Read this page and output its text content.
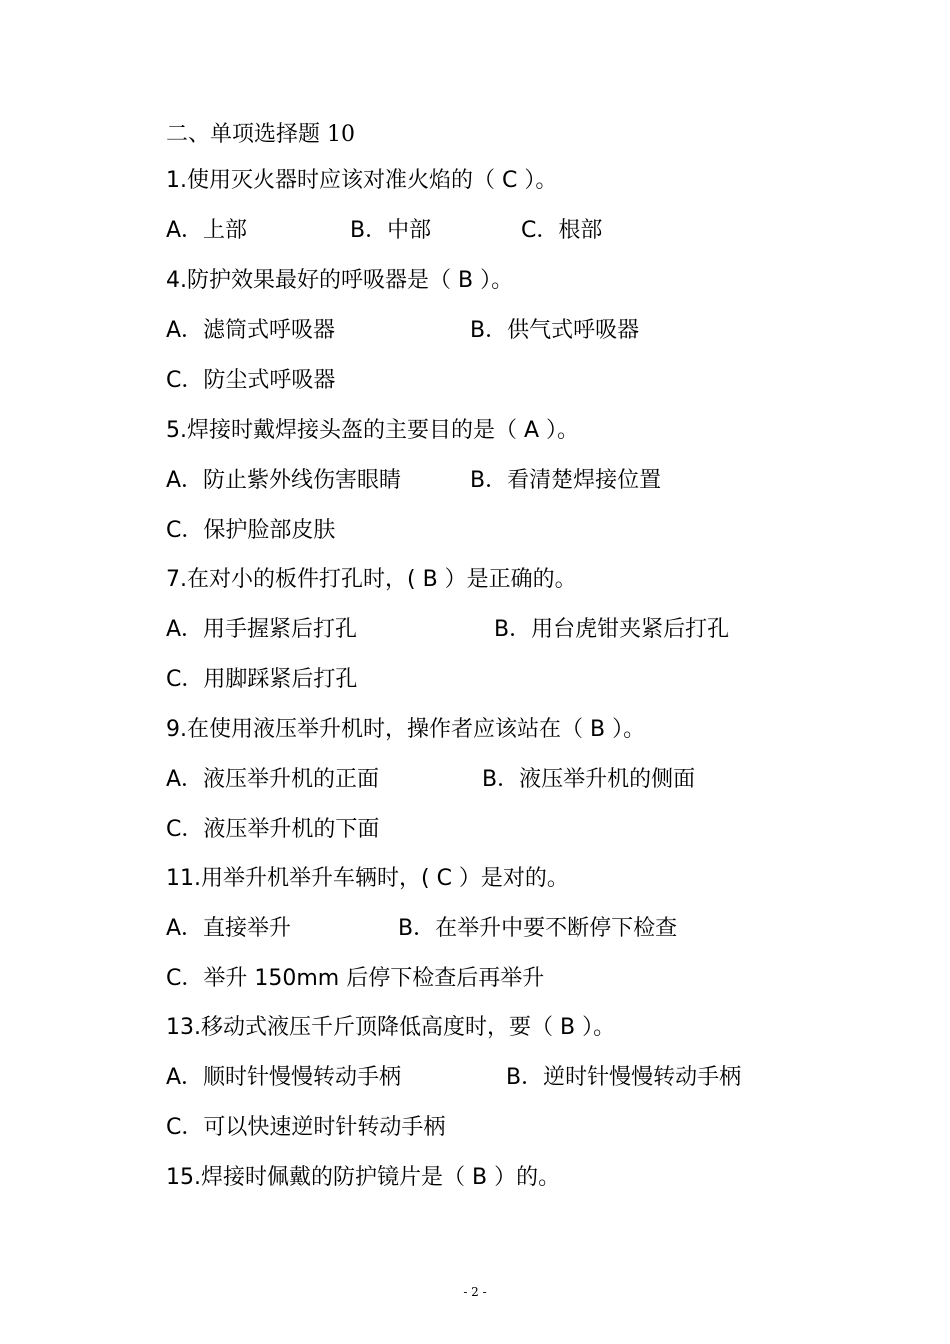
二、单项选择题 10
1.使用灭火器时应该对准火焰的（ C ）。
A．上部	B．中部	C．根部
4.防护效果最好的呼吸器是（ B ）。
A．滤筒式呼吸器	B．供气式呼吸器
C．防尘式呼吸器
5.焊接时戴焊接头盔的主要目的是（ A ）。
A．防止紫外线伤害眼睛	B．看清楚焊接位置
C．保护脸部皮肤
7.在对小的板件打孔时，( B ）是正确的。
A．用手握紧后打孔	B．用台虎钳夹紧后打孔
C．用脚踩紧后打孔
9.在使用液压举升机时，操作者应该站在（ B ）。
A．液压举升机的正面	B．液压举升机的侧面
C．液压举升机的下面
11.用举升机举升车辆时，( C ）是对的。
A．直接举升	B．在举升中要不断停下检查
C．举升 150mm 后停下检查后再举升
13.移动式液压千斤顶降低高度时，要（ B ）。
A．顺时针慢慢转动手柄	B．逆时针慢慢转动手柄
C．可以快速逆时针转动手柄
15.焊接时佩戴的防护镜片是（ B ）的。
- 2 -
